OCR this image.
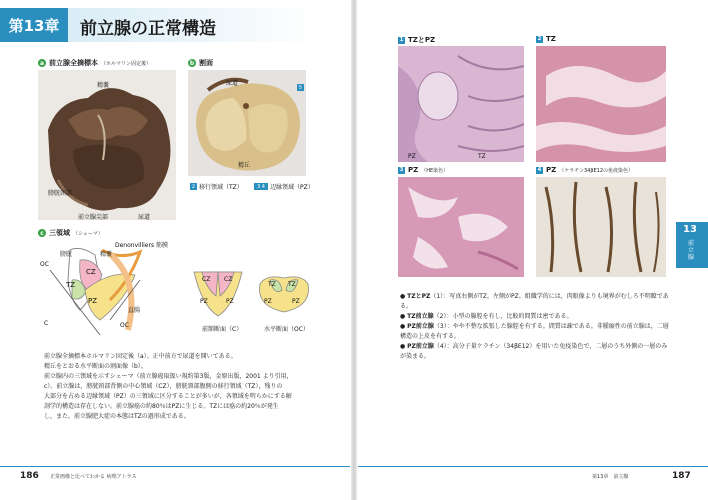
第13章	前立腺の正常構造
a 前立腺全摘標本 （ホルマリン固定後）
精嚢
膀胱頸部
前立腺尖部	尿道
b 割面
尿道
精丘
5
2 移行領域（TZ）	3 4 辺縁領域（PZ）
c 三領域 （シェーマ）
Denonvilliers 筋膜
膀胱	精嚢
OC
CZ
TZ
PZ
直腸
C	OC
CZ CZ
PZ	PZ
前額断面（C）
TZ TZ
PZ	PZ
水平断面（OC）

前立腺全摘標本ホルマリン固定後（a）。正中前方で尿道を開いてある。

精丘をとおる水平断面の割面像（b）。

前立腺内の三領域を示すシェーマ（前立腺癌取扱い規約第3版，金原出版，2001 より引用，

c）。前立腺は，膀胱頸部背側の中心領域（CZ），膀胱頸部腹側の移行領域（TZ），残りの

大部分を占める辺縁領域（PZ）の三領域に区分することが多いが，各領域を明らかにする解

剖学的構造は存在しない。前立腺癌の約80％はPZに生じる。TZには癌の約20％が発生

し，また，前立腺肥大症の本態はTZの過形成である。

186 正常画像と比べてわかる 病理アトラス
1 TZとPZ
PZ	TZ
2 TZ
3 PZ （HE染色）	4 PZ （ケラチン34βE12の免疫染色）
13
前立腺

● TZとPZ（1）：写真右側がTZ，左側がPZ。組織学的には，肉眼像よりも境界がむしろ不明瞭である。

● TZ前立腺（2）：小型の腺腔を有し，比較的間質は密である。

● PZ前立腺（3）：やや不整な拡張した腺腔を有する。間質は疎である。非腫瘍性の前立腺は，二層構造の上皮を有する。

● PZ前立腺（4）：高分子量ケラチン（34βE12）を用いた免疫染色で，二層のうち外側の一層のみが染まる。

第13章　前立腺	187
